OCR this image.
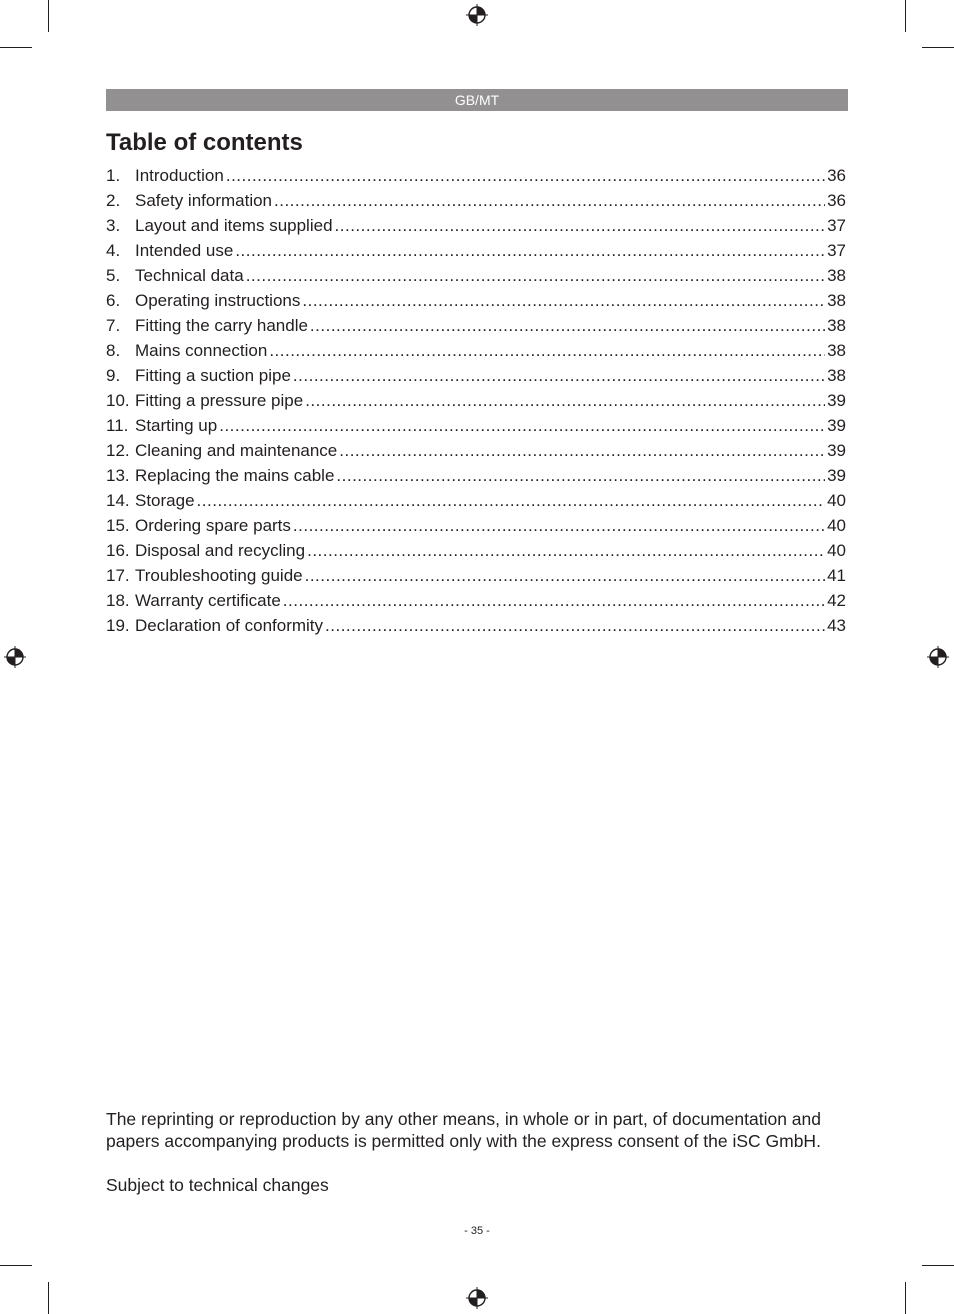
GB/MT
Table of contents
1. Introduction .....	36
2. Safety information .....	36
3. Layout and items supplied .....	37
4. Intended use .....	37
5. Technical data .....	38
6. Operating instructions .....	38
7. Fitting the carry handle .....	38
8. Mains connection .....	38
9. Fitting a suction pipe .....	38
10. Fitting a pressure pipe .....	39
11. Starting up .....	39
12. Cleaning and maintenance .....	39
13. Replacing the mains cable .....	39
14. Storage .....	40
15. Ordering spare parts .....	40
16. Disposal and recycling .....	40
17. Troubleshooting guide .....	41
18. Warranty certificate .....	42
19. Declaration of conformity .....	43

The reprinting or reproduction by any other means, in whole or in part, of documentation and papers accompanying products is permitted only with the express consent of the iSC GmbH.

Subject to technical changes

- 35 -
